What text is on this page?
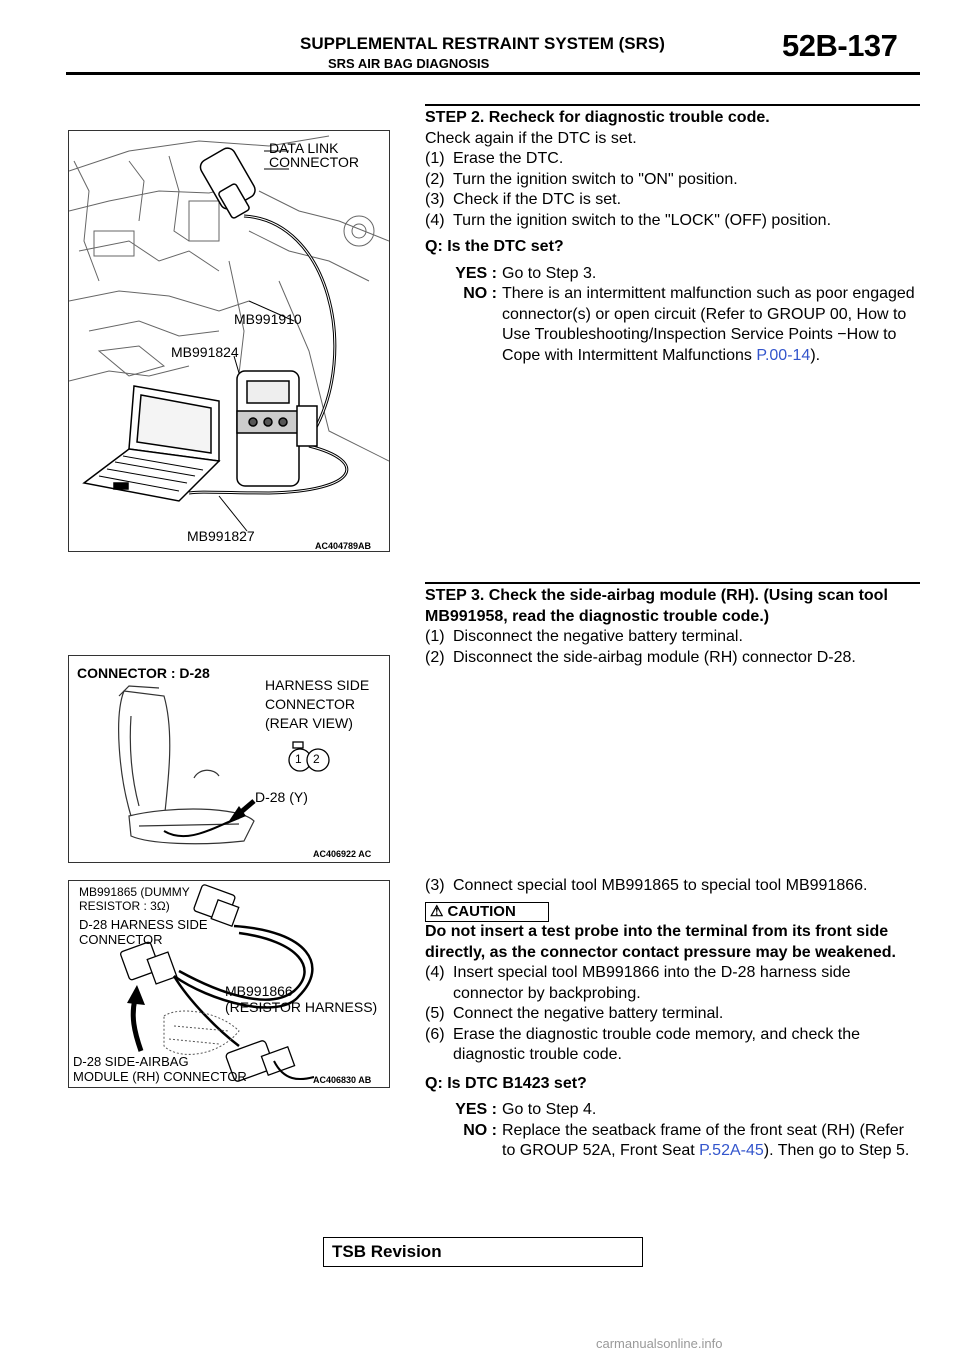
SUPPLEMENTAL RESTRAINT SYSTEM (SRS)
SRS AIR BAG DIAGNOSIS
52B-137
DATA LINK
CONNECTOR
MB991910
MB991824
MB991827
AC404789AB
CONNECTOR : D-28
HARNESS SIDE
CONNECTOR
(REAR VIEW)
1 2
D-28 (Y)
AC406922 AC
MB991865 (DUMMY
RESISTOR : 3Ω)
D-28 HARNESS SIDE
CONNECTOR
MB991866
(RESISTOR HARNESS)
D-28 SIDE-AIRBAG
MODULE (RH) CONNECTOR	AC406830 AB
STEP 2. Recheck for diagnostic trouble code.
Check again if the DTC is set.
(1) Erase the DTC.
(2) Turn the ignition switch to "ON" position.
(3) Check if the DTC is set.
(4) Turn the ignition switch to the "LOCK" (OFF) position.
Q: Is the DTC set?
YES : Go to Step 3.
NO : There is an intermittent malfunction such as poor engaged connector(s) or open circuit (Refer to GROUP 00, How to Use Troubleshooting/Inspection Service Points −How to Cope with Intermittent Malfunctions P.00-14).
STEP 3. Check the side-airbag module (RH). (Using scan tool MB991958, read the diagnostic trouble code.)
(1) Disconnect the negative battery terminal.
(2) Disconnect the side-airbag module (RH) connector D-28.
(3) Connect special tool MB991865 to special tool MB991866.
⚠ CAUTION
Do not insert a test probe into the terminal from its front side directly, as the connector contact pressure may be weakened.
(4) Insert special tool MB991866 into the D-28 harness side connector by backprobing.
(5) Connect the negative battery terminal.
(6) Erase the diagnostic trouble code memory, and check the diagnostic trouble code.
Q: Is DTC B1423 set?
YES : Go to Step 4.
NO : Replace the seatback frame of the front seat (RH) (Refer to GROUP 52A, Front Seat P.52A-45). Then go to Step 5.
TSB Revision
carmanualsonline.info
